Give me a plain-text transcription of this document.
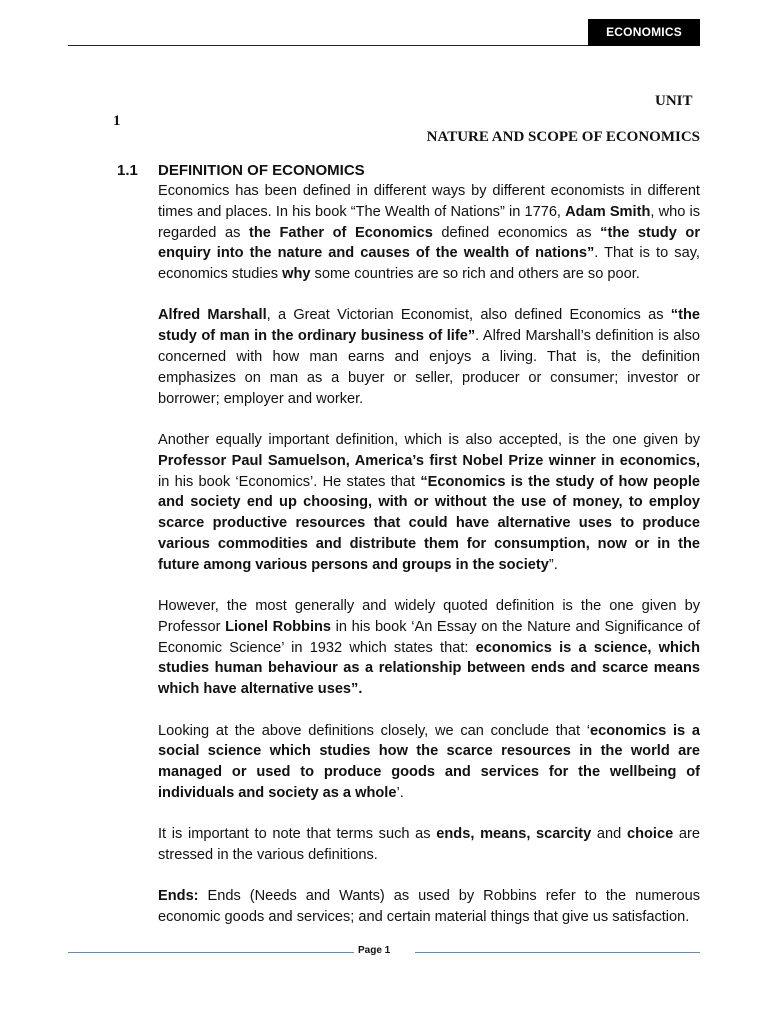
ECONOMICS
UNIT
1
NATURE AND SCOPE OF ECONOMICS
1.1 DEFINITION OF ECONOMICS

Economics has been defined in different ways by different economists in different times and places. In his book “The Wealth of Nations” in 1776, Adam Smith, who is regarded as the Father of Economics defined economics as “the study or enquiry into the nature and causes of the wealth of nations”. That is to say, economics studies why some countries are so rich and others are so poor.

Alfred Marshall, a Great Victorian Economist, also defined Economics as “the study of man in the ordinary business of life”. Alfred Marshall’s definition is also concerned with how man earns and enjoys a living. That is, the definition emphasizes on man as a buyer or seller, producer or consumer; investor or borrower; employer and worker.

Another equally important definition, which is also accepted, is the one given by Professor Paul Samuelson, America’s first Nobel Prize winner in economics, in his book ‘Economics’. He states that “Economics is the study of how people and society end up choosing, with or without the use of money, to employ scarce productive resources that could have alternative uses to produce various commodities and distribute them for consumption, now or in the future among various persons and groups in the society”.

However, the most generally and widely quoted definition is the one given by Professor Lionel Robbins in his book ‘An Essay on the Nature and Significance of Economic Science’ in 1932 which states that: economics is a science, which studies human behaviour as a relationship between ends and scarce means which have alternative uses”.

Looking at the above definitions closely, we can conclude that ‘economics is a social science which studies how the scarce resources in the world are managed or used to produce goods and services for the wellbeing of individuals and society as a whole’.

It is important to note that terms such as ends, means, scarcity and choice are stressed in the various definitions.

Ends: Ends (Needs and Wants) as used by Robbins refer to the numerous economic goods and services; and certain material things that give us satisfaction.

Page 1
